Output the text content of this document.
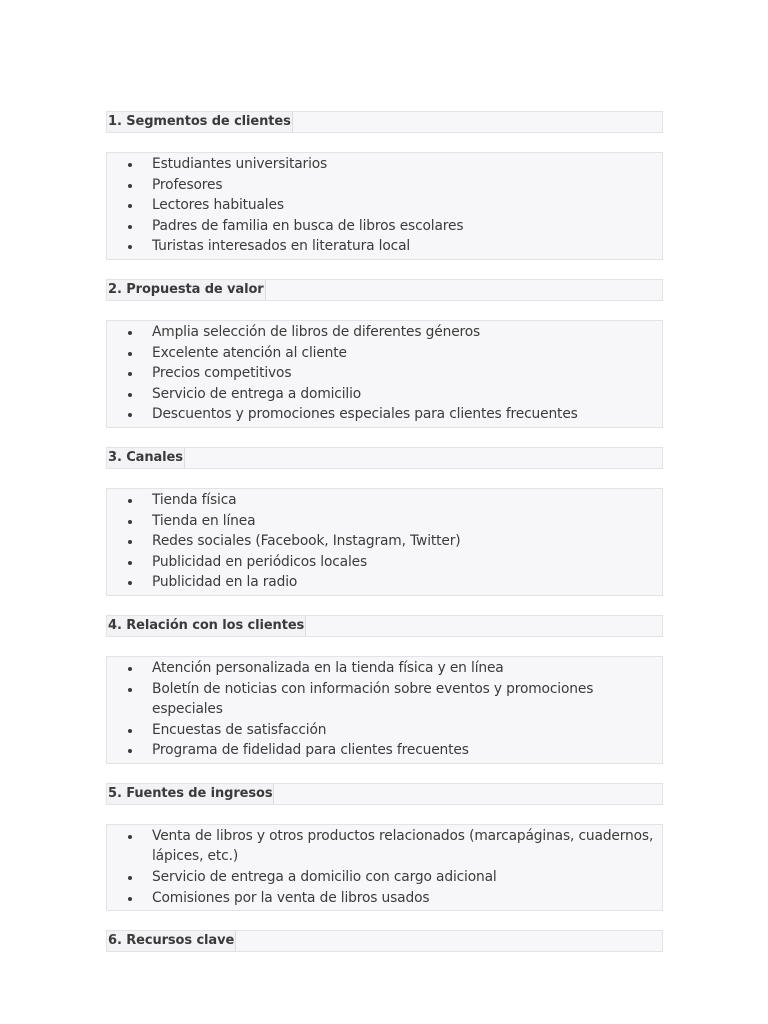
1. Segmentos de clientes
Estudiantes universitarios
Profesores
Lectores habituales
Padres de familia en busca de libros escolares
Turistas interesados en literatura local
2. Propuesta de valor
Amplia selección de libros de diferentes géneros
Excelente atención al cliente
Precios competitivos
Servicio de entrega a domicilio
Descuentos y promociones especiales para clientes frecuentes
3. Canales
Tienda física
Tienda en línea
Redes sociales (Facebook, Instagram, Twitter)
Publicidad en periódicos locales
Publicidad en la radio
4. Relación con los clientes
Atención personalizada en la tienda física y en línea
Boletín de noticias con información sobre eventos y promociones especiales
Encuestas de satisfacción
Programa de fidelidad para clientes frecuentes
5. Fuentes de ingresos
Venta de libros y otros productos relacionados (marcapáginas, cuadernos, lápices, etc.)
Servicio de entrega a domicilio con cargo adicional
Comisiones por la venta de libros usados
6. Recursos clave
